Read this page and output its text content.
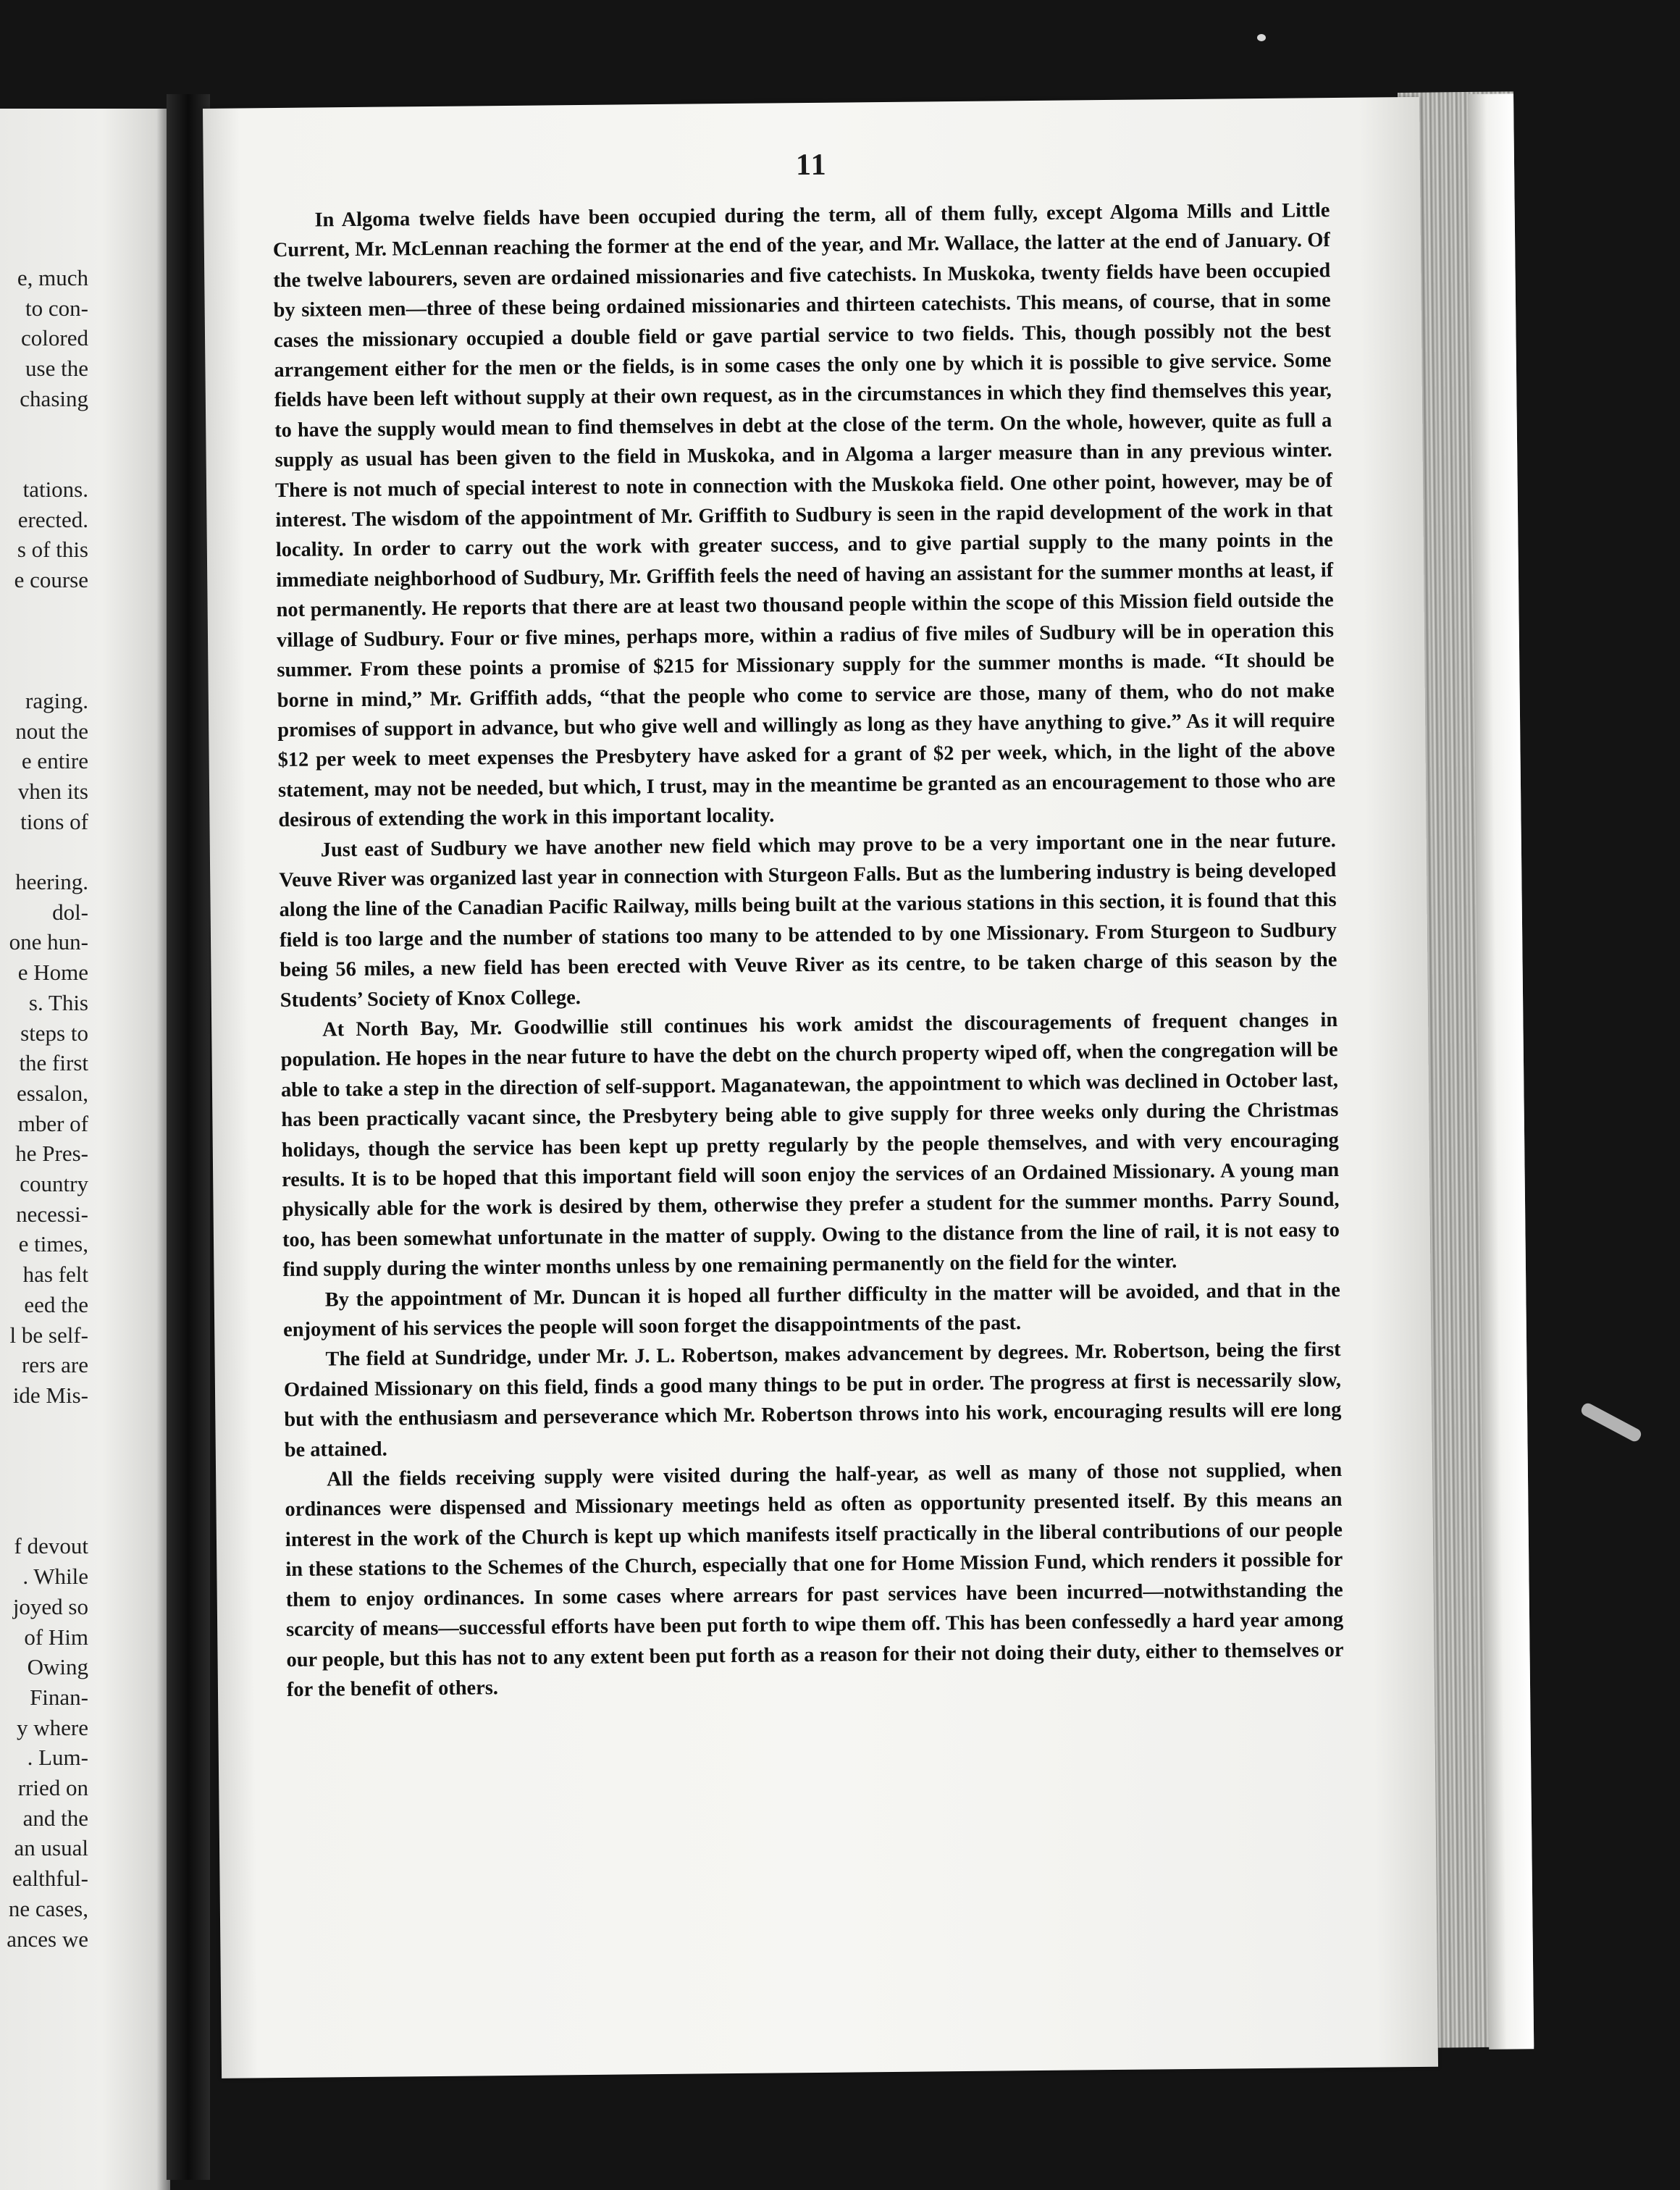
e, much
to con-
colored
use the
chasing
tations.
erected.
s of this
e course
raging.
nout the
e entire
vhen its
tions of
heering.
dol-
one hun-
e Home
s. This
steps to
the first
essalon,
mber of
he Pres-
country
necessi-
e times,
has felt
eed the
l be self-
rers are
ide Mis-
f devout
. While
joyed so
of Him
Owing
Finan-
y where
. Lum-
rried on
and the
an usual
ealthful-
ne cases,
ances we
11

In Algoma twelve fields have been occupied during the term, all of them fully, except Algoma Mills and Little Current, Mr. McLennan reaching the former at the end of the year, and Mr. Wallace, the latter at the end of January. Of the twelve labourers, seven are ordained missionaries and five catechists. In Muskoka, twenty fields have been occupied by sixteen men—three of these being ordained missionaries and thirteen catechists. This means, of course, that in some cases the missionary occupied a double field or gave partial service to two fields. This, though possibly not the best arrangement either for the men or the fields, is in some cases the only one by which it is possible to give service. Some fields have been left without supply at their own request, as in the circumstances in which they find themselves this year, to have the supply would mean to find themselves in debt at the close of the term. On the whole, however, quite as full a supply as usual has been given to the field in Muskoka, and in Algoma a larger measure than in any previous winter. There is not much of special interest to note in connection with the Muskoka field. One other point, however, may be of interest. The wisdom of the appointment of Mr. Griffith to Sudbury is seen in the rapid development of the work in that locality. In order to carry out the work with greater success, and to give partial supply to the many points in the immediate neighborhood of Sudbury, Mr. Griffith feels the need of having an assistant for the summer months at least, if not permanently. He reports that there are at least two thousand people within the scope of this Mission field outside the village of Sudbury. Four or five mines, perhaps more, within a radius of five miles of Sudbury will be in operation this summer. From these points a promise of $215 for Missionary supply for the summer months is made. “It should be borne in mind,” Mr. Griffith adds, “that the people who come to service are those, many of them, who do not make promises of support in advance, but who give well and willingly as long as they have anything to give.” As it will require $12 per week to meet expenses the Presbytery have asked for a grant of $2 per week, which, in the light of the above statement, may not be needed, but which, I trust, may in the meantime be granted as an encouragement to those who are desirous of extending the work in this important locality.

Just east of Sudbury we have another new field which may prove to be a very important one in the near future. Veuve River was organized last year in connection with Sturgeon Falls. But as the lumbering industry is being developed along the line of the Canadian Pacific Railway, mills being built at the various stations in this section, it is found that this field is too large and the number of stations too many to be attended to by one Missionary. From Sturgeon to Sudbury being 56 miles, a new field has been erected with Veuve River as its centre, to be taken charge of this season by the Students’ Society of Knox College.

At North Bay, Mr. Goodwillie still continues his work amidst the discouragements of frequent changes in population. He hopes in the near future to have the debt on the church property wiped off, when the congregation will be able to take a step in the direction of self-support. Maganatewan, the appointment to which was declined in October last, has been practically vacant since, the Presbytery being able to give supply for three weeks only during the Christmas holidays, though the service has been kept up pretty regularly by the people themselves, and with very encouraging results. It is to be hoped that this important field will soon enjoy the services of an Ordained Missionary. A young man physically able for the work is desired by them, otherwise they prefer a student for the summer months. Parry Sound, too, has been somewhat unfortunate in the matter of supply. Owing to the distance from the line of rail, it is not easy to find supply during the winter months unless by one remaining permanently on the field for the winter.

By the appointment of Mr. Duncan it is hoped all further difficulty in the matter will be avoided, and that in the enjoyment of his services the people will soon forget the disappointments of the past.

The field at Sundridge, under Mr. J. L. Robertson, makes advancement by degrees. Mr. Robertson, being the first Ordained Missionary on this field, finds a good many things to be put in order. The progress at first is necessarily slow, but with the enthusiasm and perseverance which Mr. Robertson throws into his work, encouraging results will ere long be attained.

All the fields receiving supply were visited during the half-year, as well as many of those not supplied, when ordinances were dispensed and Missionary meetings held as often as opportunity presented itself. By this means an interest in the work of the Church is kept up which manifests itself practically in the liberal contributions of our people in these stations to the Schemes of the Church, especially that one for Home Mission Fund, which renders it possible for them to enjoy ordinances. In some cases where arrears for past services have been incurred—notwithstanding the scarcity of means—successful efforts have been put forth to wipe them off. This has been confessedly a hard year among our people, but this has not to any extent been put forth as a reason for their not doing their duty, either to themselves or for the benefit of others.
